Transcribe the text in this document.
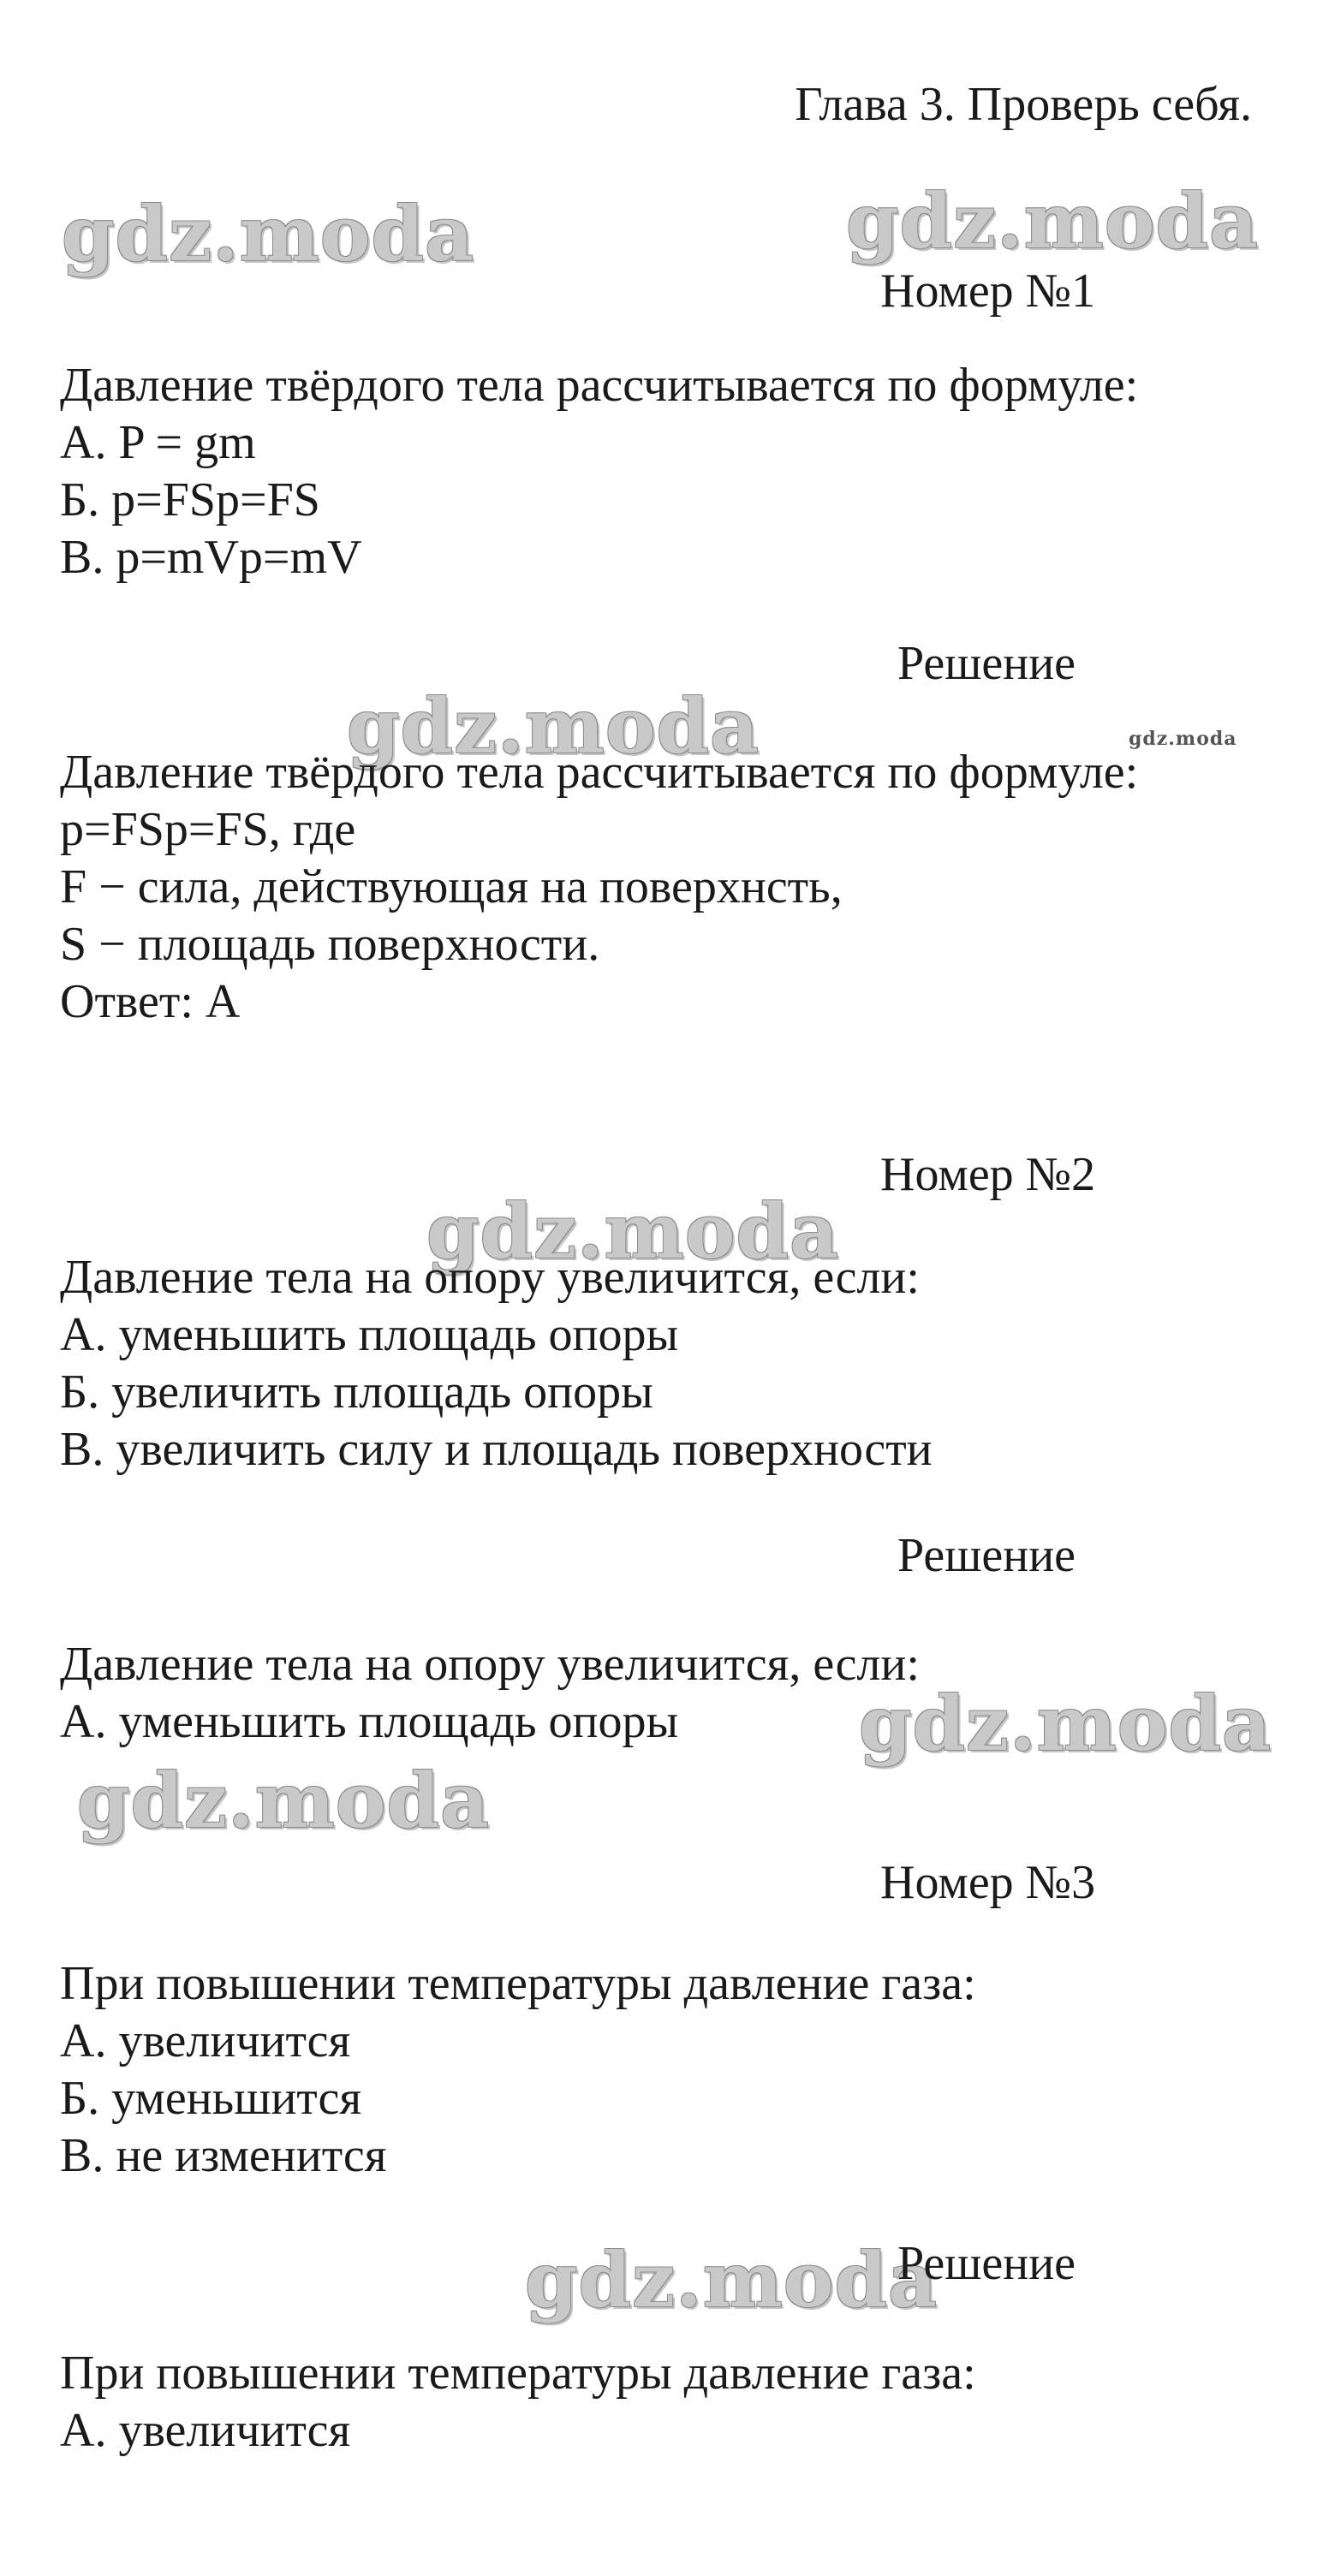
Глава 3. Проверь себя.
gdz.moda	gdz.moda
gdz.moda	gdz.moda
gdz.moda
gdz.moda
gdz.moda
gdz.moda
Номер №1
Давление твёрдого тела рассчитывается по формуле:
А. P = gm
Б. p=FSp=FS
В. p=mVp=mV
Решение
Давление твёрдого тела рассчитывается по формуле:
p=FSp=FS, где
F − сила, действующая на поверхнсть,
S − площадь поверхности.
Ответ: А
Номер №2
Давление тела на опору увеличится, если:
А. уменьшить площадь опоры
Б. увеличить площадь опоры
В. увеличить силу и площадь поверхности
Решение
Давление тела на опору увеличится, если:
А. уменьшить площадь опоры
Номер №3
При повышении температуры давление газа:
А. увеличится
Б. уменьшится
В. не изменится
Решение
При повышении температуры давление газа:
А. увеличится
